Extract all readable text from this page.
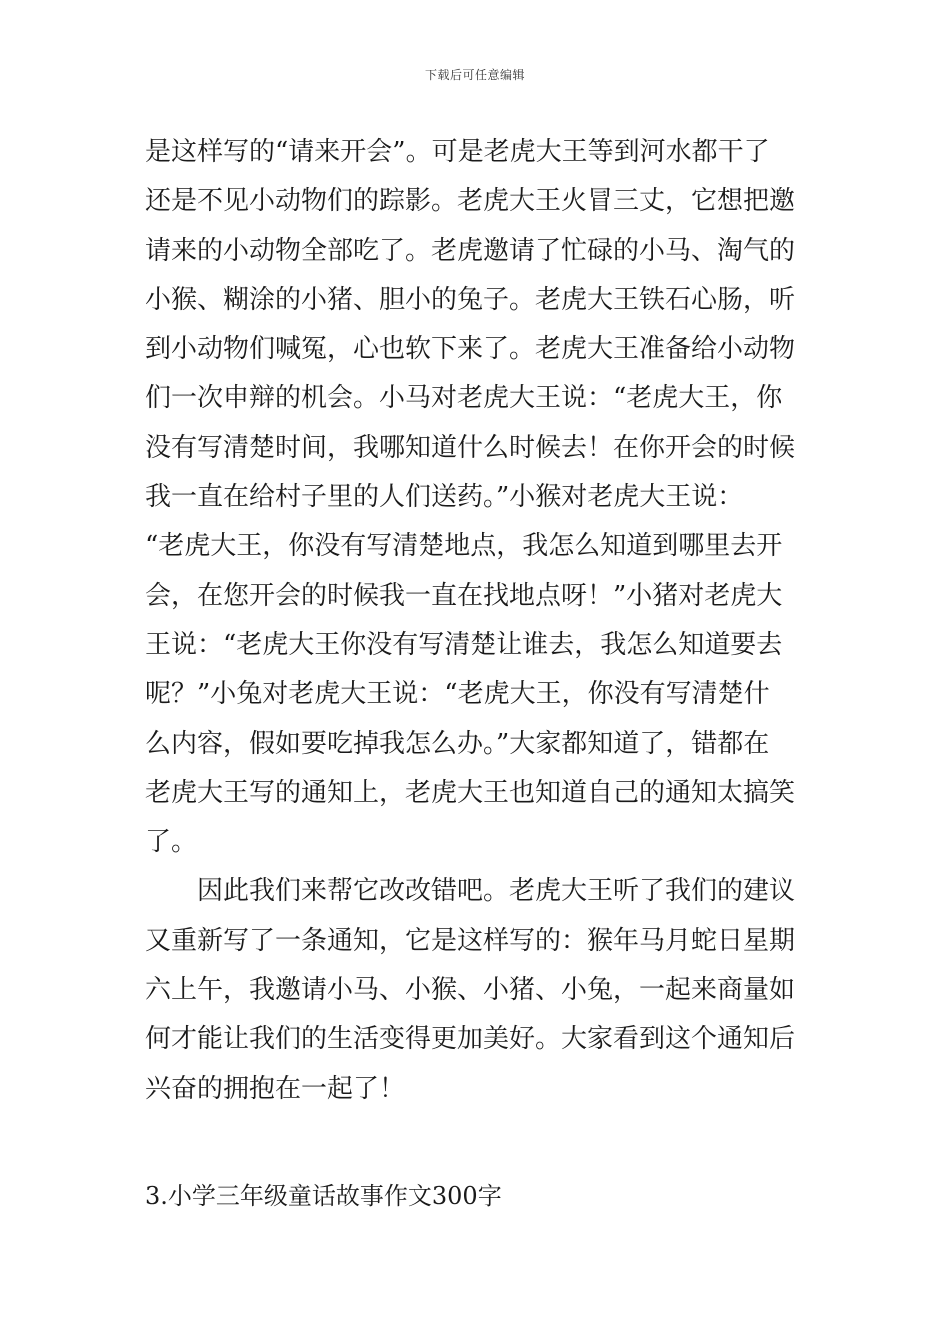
下载后可任意编辑
是这样写的“请来开会”。可是老虎大王等到河水都干了
还是不见小动物们的踪影。老虎大王火冒三丈，它想把邀
请来的小动物全部吃了。老虎邀请了忙碌的小马、淘气的
小猴、糊涂的小猪、胆小的兔子。老虎大王铁石心肠，听
到小动物们喊冤，心也软下来了。老虎大王准备给小动物
们一次申辩的机会。小马对老虎大王说：“老虎大王，你
没有写清楚时间，我哪知道什么时候去！在你开会的时候
我一直在给村子里的人们送药。”小猴对老虎大王说：
“老虎大王，你没有写清楚地点，我怎么知道到哪里去开
会，在您开会的时候我一直在找地点呀！”小猪对老虎大
王说：“老虎大王你没有写清楚让谁去，我怎么知道要去
呢？”小兔对老虎大王说：“老虎大王，你没有写清楚什
么内容，假如要吃掉我怎么办。”大家都知道了，错都在
老虎大王写的通知上，老虎大王也知道自己的通知太搞笑
了。
　　因此我们来帮它改改错吧。老虎大王听了我们的建议
又重新写了一条通知，它是这样写的：猴年马月蛇日星期
六上午，我邀请小马、小猴、小猪、小兔，一起来商量如
何才能让我们的生活变得更加美好。大家看到这个通知后
兴奋的拥抱在一起了！
3.小学三年级童话故事作文300字
